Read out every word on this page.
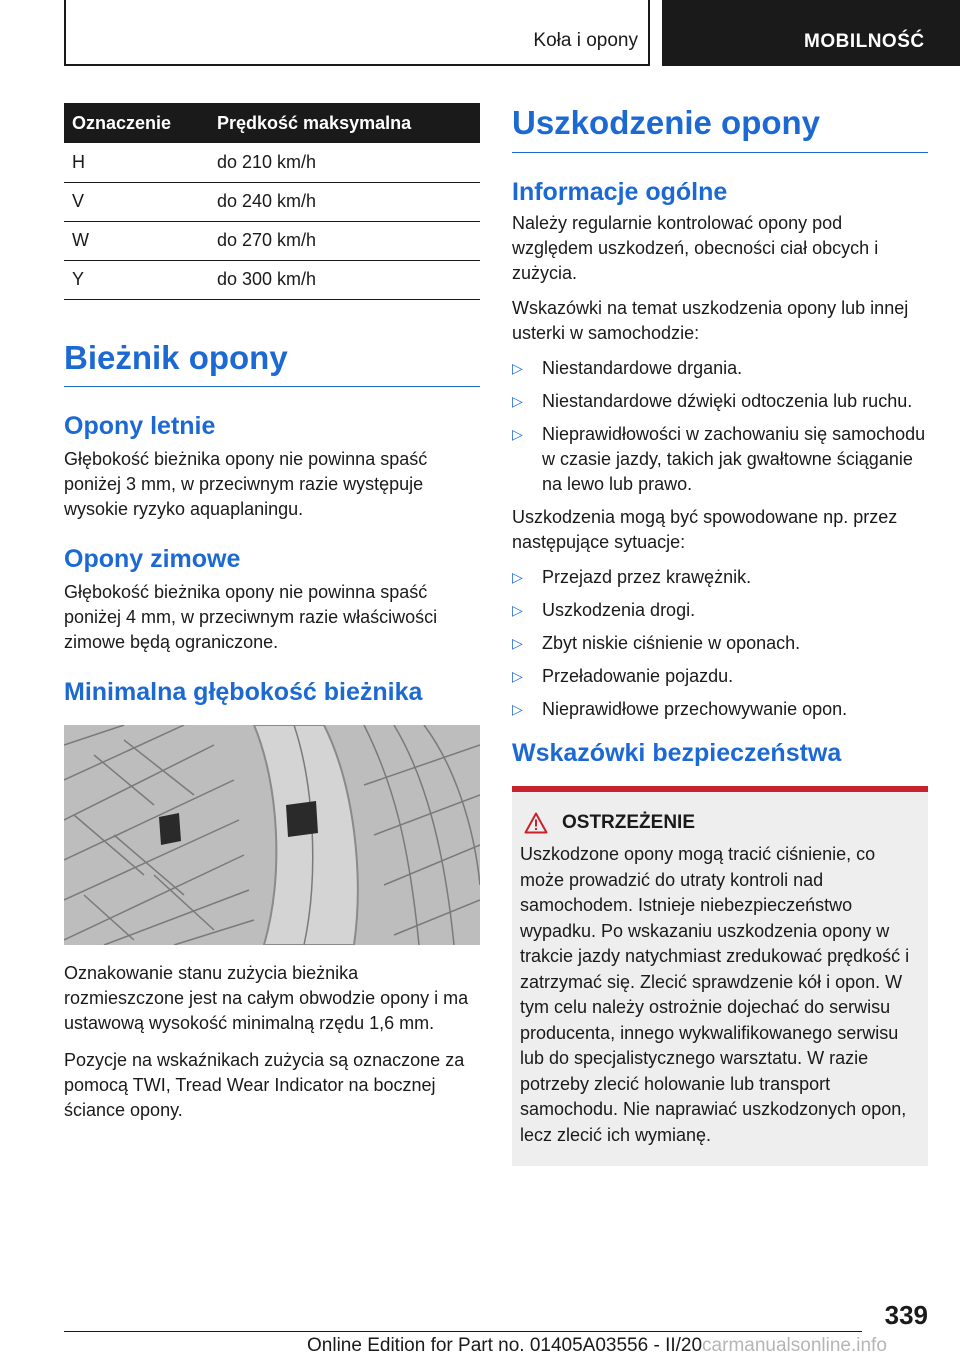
Koła i opony	MOBILNOŚĆ
Oznaczenie	Prędkość maksymalna
H	do 210 km/h
V	do 240 km/h
W	do 270 km/h
Y	do 300 km/h
Bieżnik opony
Opony letnie
Głębokość bieżnika opony nie powinna spaść poniżej 3 mm, w przeciwnym razie występuje wysokie ryzyko aquaplaningu.
Opony zimowe
Głębokość bieżnika opony nie powinna spaść poniżej 4 mm, w przeciwnym razie właściwości zimowe będą ograniczone.
Minimalna głębokość bieżnika
Oznakowanie stanu zużycia bieżnika rozmieszczone jest na całym obwodzie opony i ma ustawową wysokość minimalną rzędu 1,6 mm.
Pozycje na wskaźnikach zużycia są oznaczone za pomocą TWI, Tread Wear Indicator na bocznej ściance opony.
Uszkodzenie opony
Informacje ogólne
Należy regularnie kontrolować opony pod względem uszkodzeń, obecności ciał obcych i zużycia.
Wskazówki na temat uszkodzenia opony lub innej usterki w samochodzie:
▷ Niestandardowe drgania.
▷ Niestandardowe dźwięki odtoczenia lub ruchu.
▷ Nieprawidłowości w zachowaniu się samochodu w czasie jazdy, takich jak gwałtowne ściąganie na lewo lub prawo.
Uszkodzenia mogą być spowodowane np. przez następujące sytuacje:
▷ Przejazd przez krawężnik.
▷ Uszkodzenia drogi.
▷ Zbyt niskie ciśnienie w oponach.
▷ Przeładowanie pojazdu.
▷ Nieprawidłowe przechowywanie opon.
Wskazówki bezpieczeństwa
OSTRZEŻENIE
Uszkodzone opony mogą tracić ciśnienie, co może prowadzić do utraty kontroli nad samochodem. Istnieje niebezpieczeństwo wypadku. Po wskazaniu uszkodzenia opony w trakcie jazdy natychmiast zredukować prędkość i zatrzymać się. Zlecić sprawdzenie kół i opon. W tym celu należy ostrożnie dojechać do serwisu producenta, innego wykwalifikowanego serwisu lub do specjalistycznego warsztatu. W razie potrzeby zlecić holowanie lub transport samochodu. Nie naprawiać uszkodzonych opon, lecz zlecić ich wymianę.
339
Online Edition for Part no. 01405A03556 - II/20carmanualsonline.info
